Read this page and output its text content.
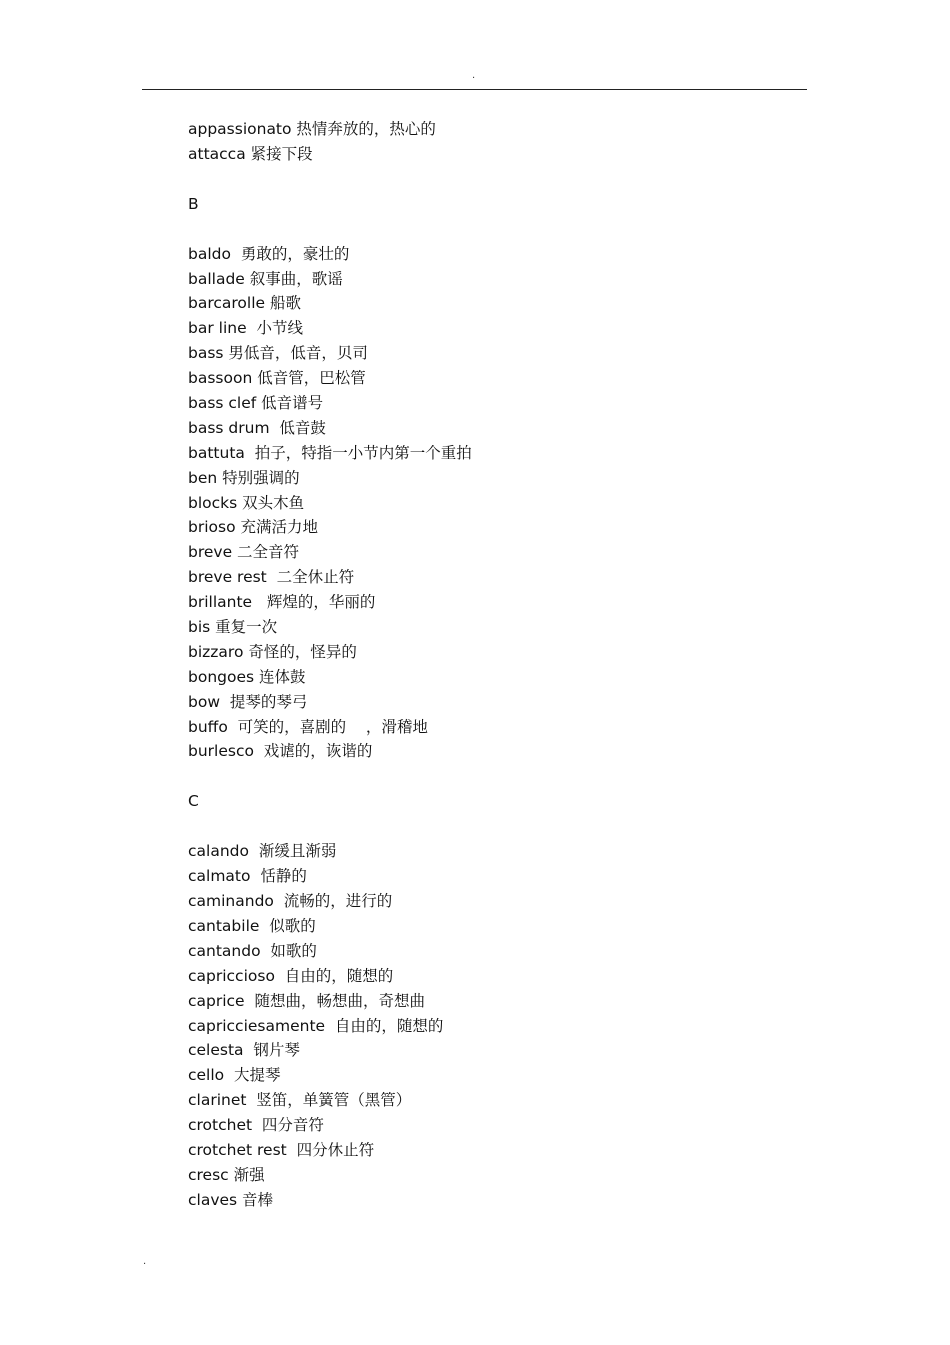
.
appassionato 热情奔放的，热心的
attacca 紧接下段
B
baldo  勇敢的，豪壮的
ballade 叙事曲，歌谣
barcarolle 船歌
bar line  小节线
bass 男低音，低音，贝司
bassoon 低音管，巴松管
bass clef 低音谱号
bass drum  低音鼓
battuta  拍子，特指一小节内第一个重拍
ben 特别强调的
blocks 双头木鱼
brioso 充满活力地
breve 二全音符
breve rest  二全休止符
brillante   辉煌的，华丽的
bis 重复一次
bizzaro 奇怪的，怪异的
bongoes 连体鼓
bow  提琴的琴弓
buffo  可笑的，喜剧的    ，滑稽地
burlesco  戏谑的，诙谐的
C
calando  渐缓且渐弱
calmato  恬静的
caminando  流畅的，进行的
cantabile  似歌的
cantando  如歌的
capriccioso  自由的，随想的
caprice  随想曲，畅想曲，奇想曲
capricciesamente  自由的，随想的
celesta  钢片琴
cello  大提琴
clarinet  竖笛，单簧管（黑管）
crotchet  四分音符
crotchet rest  四分休止符
cresc 渐强
claves 音棒
.
